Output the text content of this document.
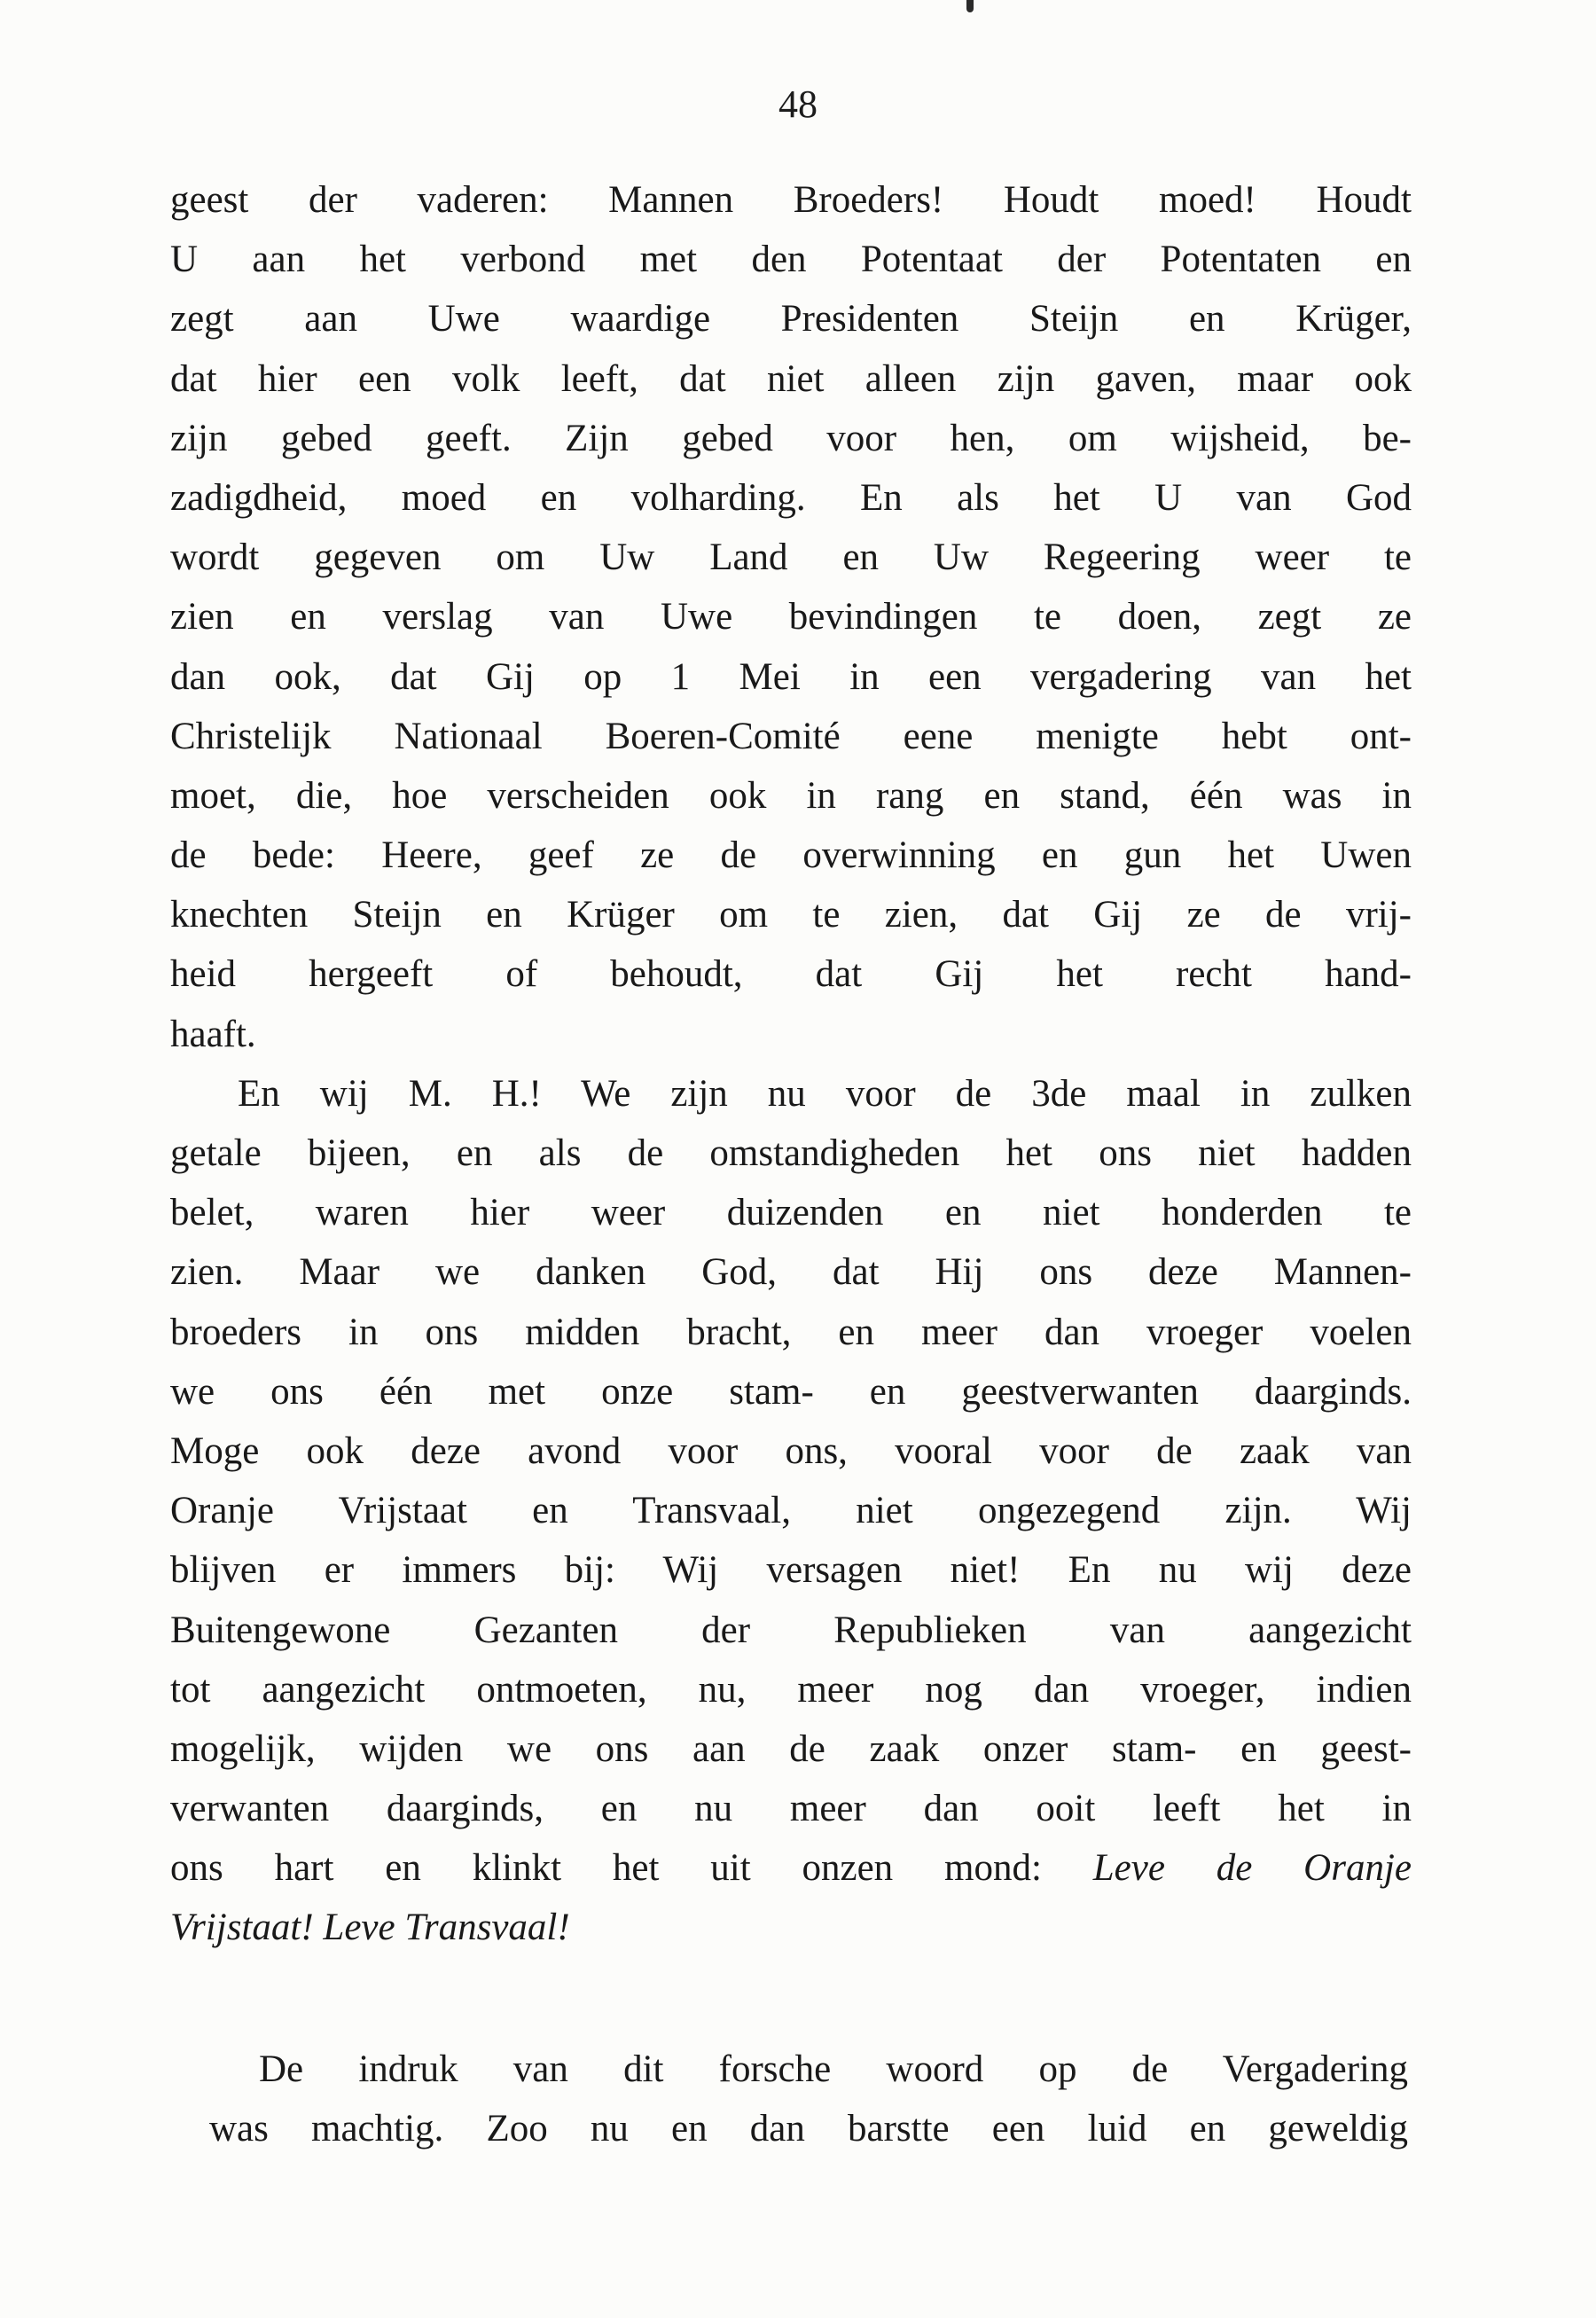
48
geest der vaderen: Mannen Broeders! Houdt moed! Houdt
U aan het verbond met den Potentaat der Potentaten en
zegt aan Uwe waardige Presidenten Steijn en Krüger,
dat hier een volk leeft, dat niet alleen zijn gaven, maar ook
zijn gebed geeft. Zijn gebed voor hen, om wijsheid, be-
zadigdheid, moed en volharding. En als het U van God
wordt gegeven om Uw Land en Uw Regeering weer te
zien en verslag van Uwe bevindingen te doen, zegt ze
dan ook, dat Gij op 1 Mei in een vergadering van het
Christelijk Nationaal Boeren-Comité eene menigte hebt ont-
moet, die, hoe verscheiden ook in rang en stand, één was in
de bede: Heere, geef ze de overwinning en gun het Uwen
knechten Steijn en Krüger om te zien, dat Gij ze de vrij-
heid hergeeft of behoudt, dat Gij het recht hand-
haaft.
En wij M. H.! We zijn nu voor de 3de maal in zulken
getale bijeen, en als de omstandigheden het ons niet hadden
belet, waren hier weer duizenden en niet honderden te
zien. Maar we danken God, dat Hij ons deze Mannen-
broeders in ons midden bracht, en meer dan vroeger voelen
we ons één met onze stam- en geestverwanten daarginds.
Moge ook deze avond voor ons, vooral voor de zaak van
Oranje Vrijstaat en Transvaal, niet ongezegend zijn. Wij
blijven er immers bij: Wij versagen niet! En nu wij deze
Buitengewone Gezanten der Republieken van aangezicht
tot aangezicht ontmoeten, nu, meer nog dan vroeger, indien
mogelijk, wijden we ons aan de zaak onzer stam- en geest-
verwanten daarginds, en nu meer dan ooit leeft het in
ons hart en klinkt het uit onzen mond: Leve de Oranje
Vrijstaat! Leve Transvaal!
De indruk van dit forsche woord op de Vergadering
was machtig. Zoo nu en dan barstte een luid en geweldig
